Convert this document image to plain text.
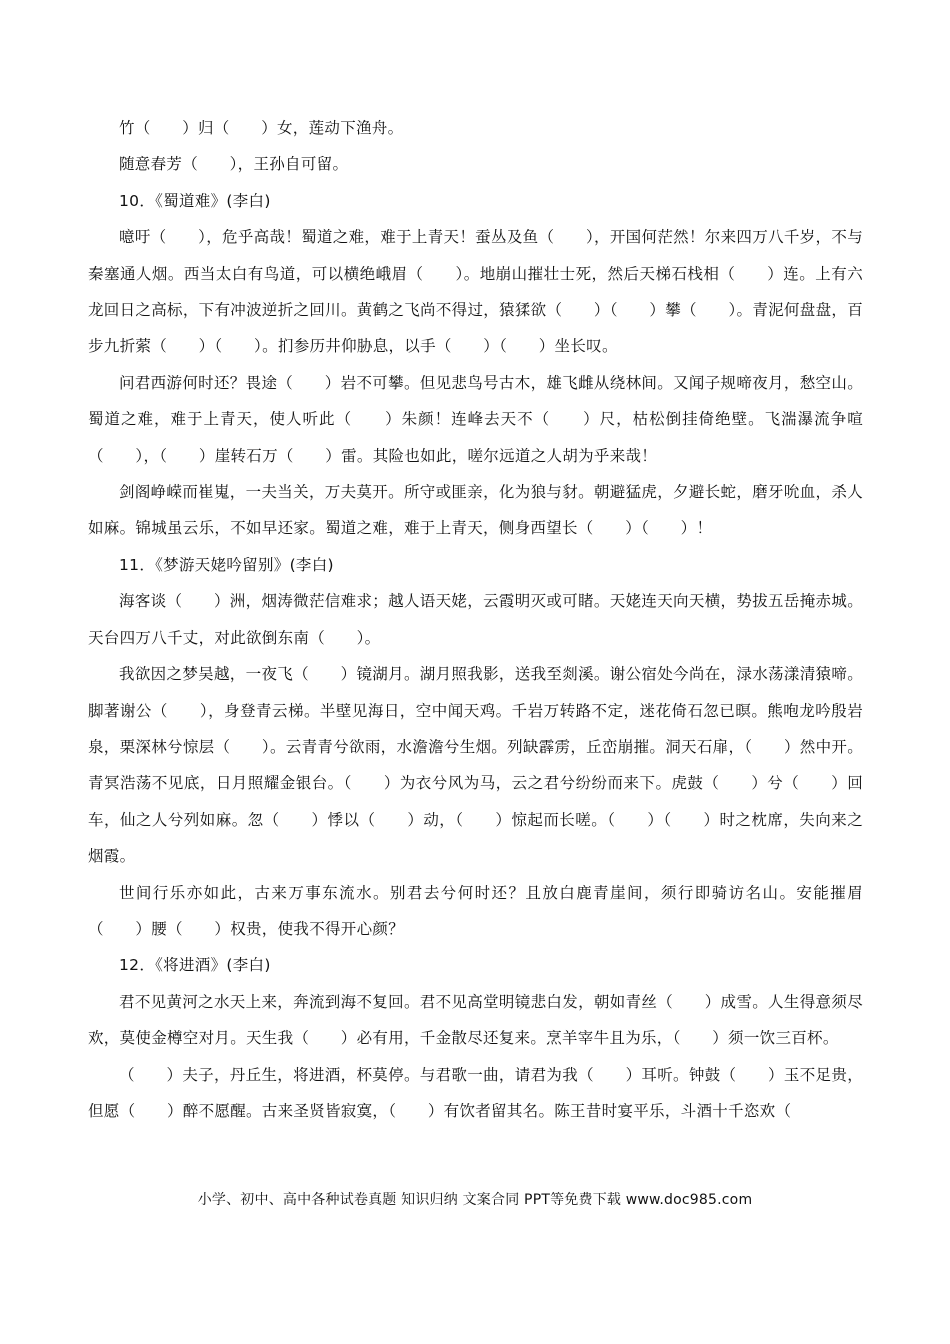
竹（　　）归（　　）女，莲动下渔舟。

随意春芳（　　），王孙自可留。

10．《蜀道难》(李白)

噫吁（　　），危乎高哉！蜀道之难，难于上青天！蚕丛及鱼（　　），开国何茫然！尔来四万八千岁，不与秦塞通人烟。西当太白有鸟道，可以横绝峨眉（　　）。地崩山摧壮士死，然后天梯石栈相（　　）连。上有六龙回日之高标，下有冲波逆折之回川。黄鹤之飞尚不得过，猿猱欲（　　）（　　）攀（　　）。青泥何盘盘，百步九折萦（　　）（　　）。扪参历井仰胁息，以手（　　）（　　）坐长叹。

问君西游何时还？畏途（　　）岩不可攀。但见悲鸟号古木，雄飞雌从绕林间。又闻子规啼夜月，愁空山。蜀道之难，难于上青天，使人听此（　　）朱颜！连峰去天不（　　）尺，枯松倒挂倚绝壁。飞湍瀑流争喧（　　），（　　）崖转石万（　　）雷。其险也如此，嗟尔远道之人胡为乎来哉！

剑阁峥嵘而崔嵬，一夫当关，万夫莫开。所守或匪亲，化为狼与豺。朝避猛虎，夕避长蛇，磨牙吮血，杀人如麻。锦城虽云乐，不如早还家。蜀道之难，难于上青天，侧身西望长（　　）（　　）！

11．《梦游天姥吟留别》(李白)

海客谈（　　）洲，烟涛微茫信难求；越人语天姥，云霞明灭或可睹。天姥连天向天横，势拔五岳掩赤城。天台四万八千丈，对此欲倒东南（　　）。

我欲因之梦吴越，一夜飞（　　）镜湖月。湖月照我影，送我至剡溪。谢公宿处今尚在，渌水荡漾清猿啼。脚著谢公（　　），身登青云梯。半壁见海日，空中闻天鸡。千岩万转路不定，迷花倚石忽已暝。熊咆龙吟殷岩泉，栗深林兮惊层（　　）。云青青兮欲雨，水澹澹兮生烟。列缺霹雳，丘峦崩摧。洞天石扉，（　　）然中开。青冥浩荡不见底，日月照耀金银台。（　　）为衣兮风为马，云之君兮纷纷而来下。虎鼓（　　）兮（　　）回车，仙之人兮列如麻。忽（　　）悸以（　　）动，（　　）惊起而长嗟。（　　）（　　）时之枕席，失向来之烟霞。

世间行乐亦如此，古来万事东流水。别君去兮何时还？且放白鹿青崖间，须行即骑访名山。安能摧眉（　　）腰（　　）权贵，使我不得开心颜？

12．《将进酒》(李白)

君不见黄河之水天上来，奔流到海不复回。君不见高堂明镜悲白发，朝如青丝（　　）成雪。人生得意须尽欢，莫使金樽空对月。天生我（　　）必有用，千金散尽还复来。烹羊宰牛且为乐，（　　）须一饮三百杯。

（　　）夫子，丹丘生，将进酒，杯莫停。与君歌一曲，请君为我（　　）耳听。钟鼓（　　）玉不足贵，但愿（　　）醉不愿醒。古来圣贤皆寂寞，（　　）有饮者留其名。陈王昔时宴平乐，斗酒十千恣欢（

小学、初中、高中各种试卷真题 知识归纳 文案合同 PPT等免费下载 www.doc985.com
